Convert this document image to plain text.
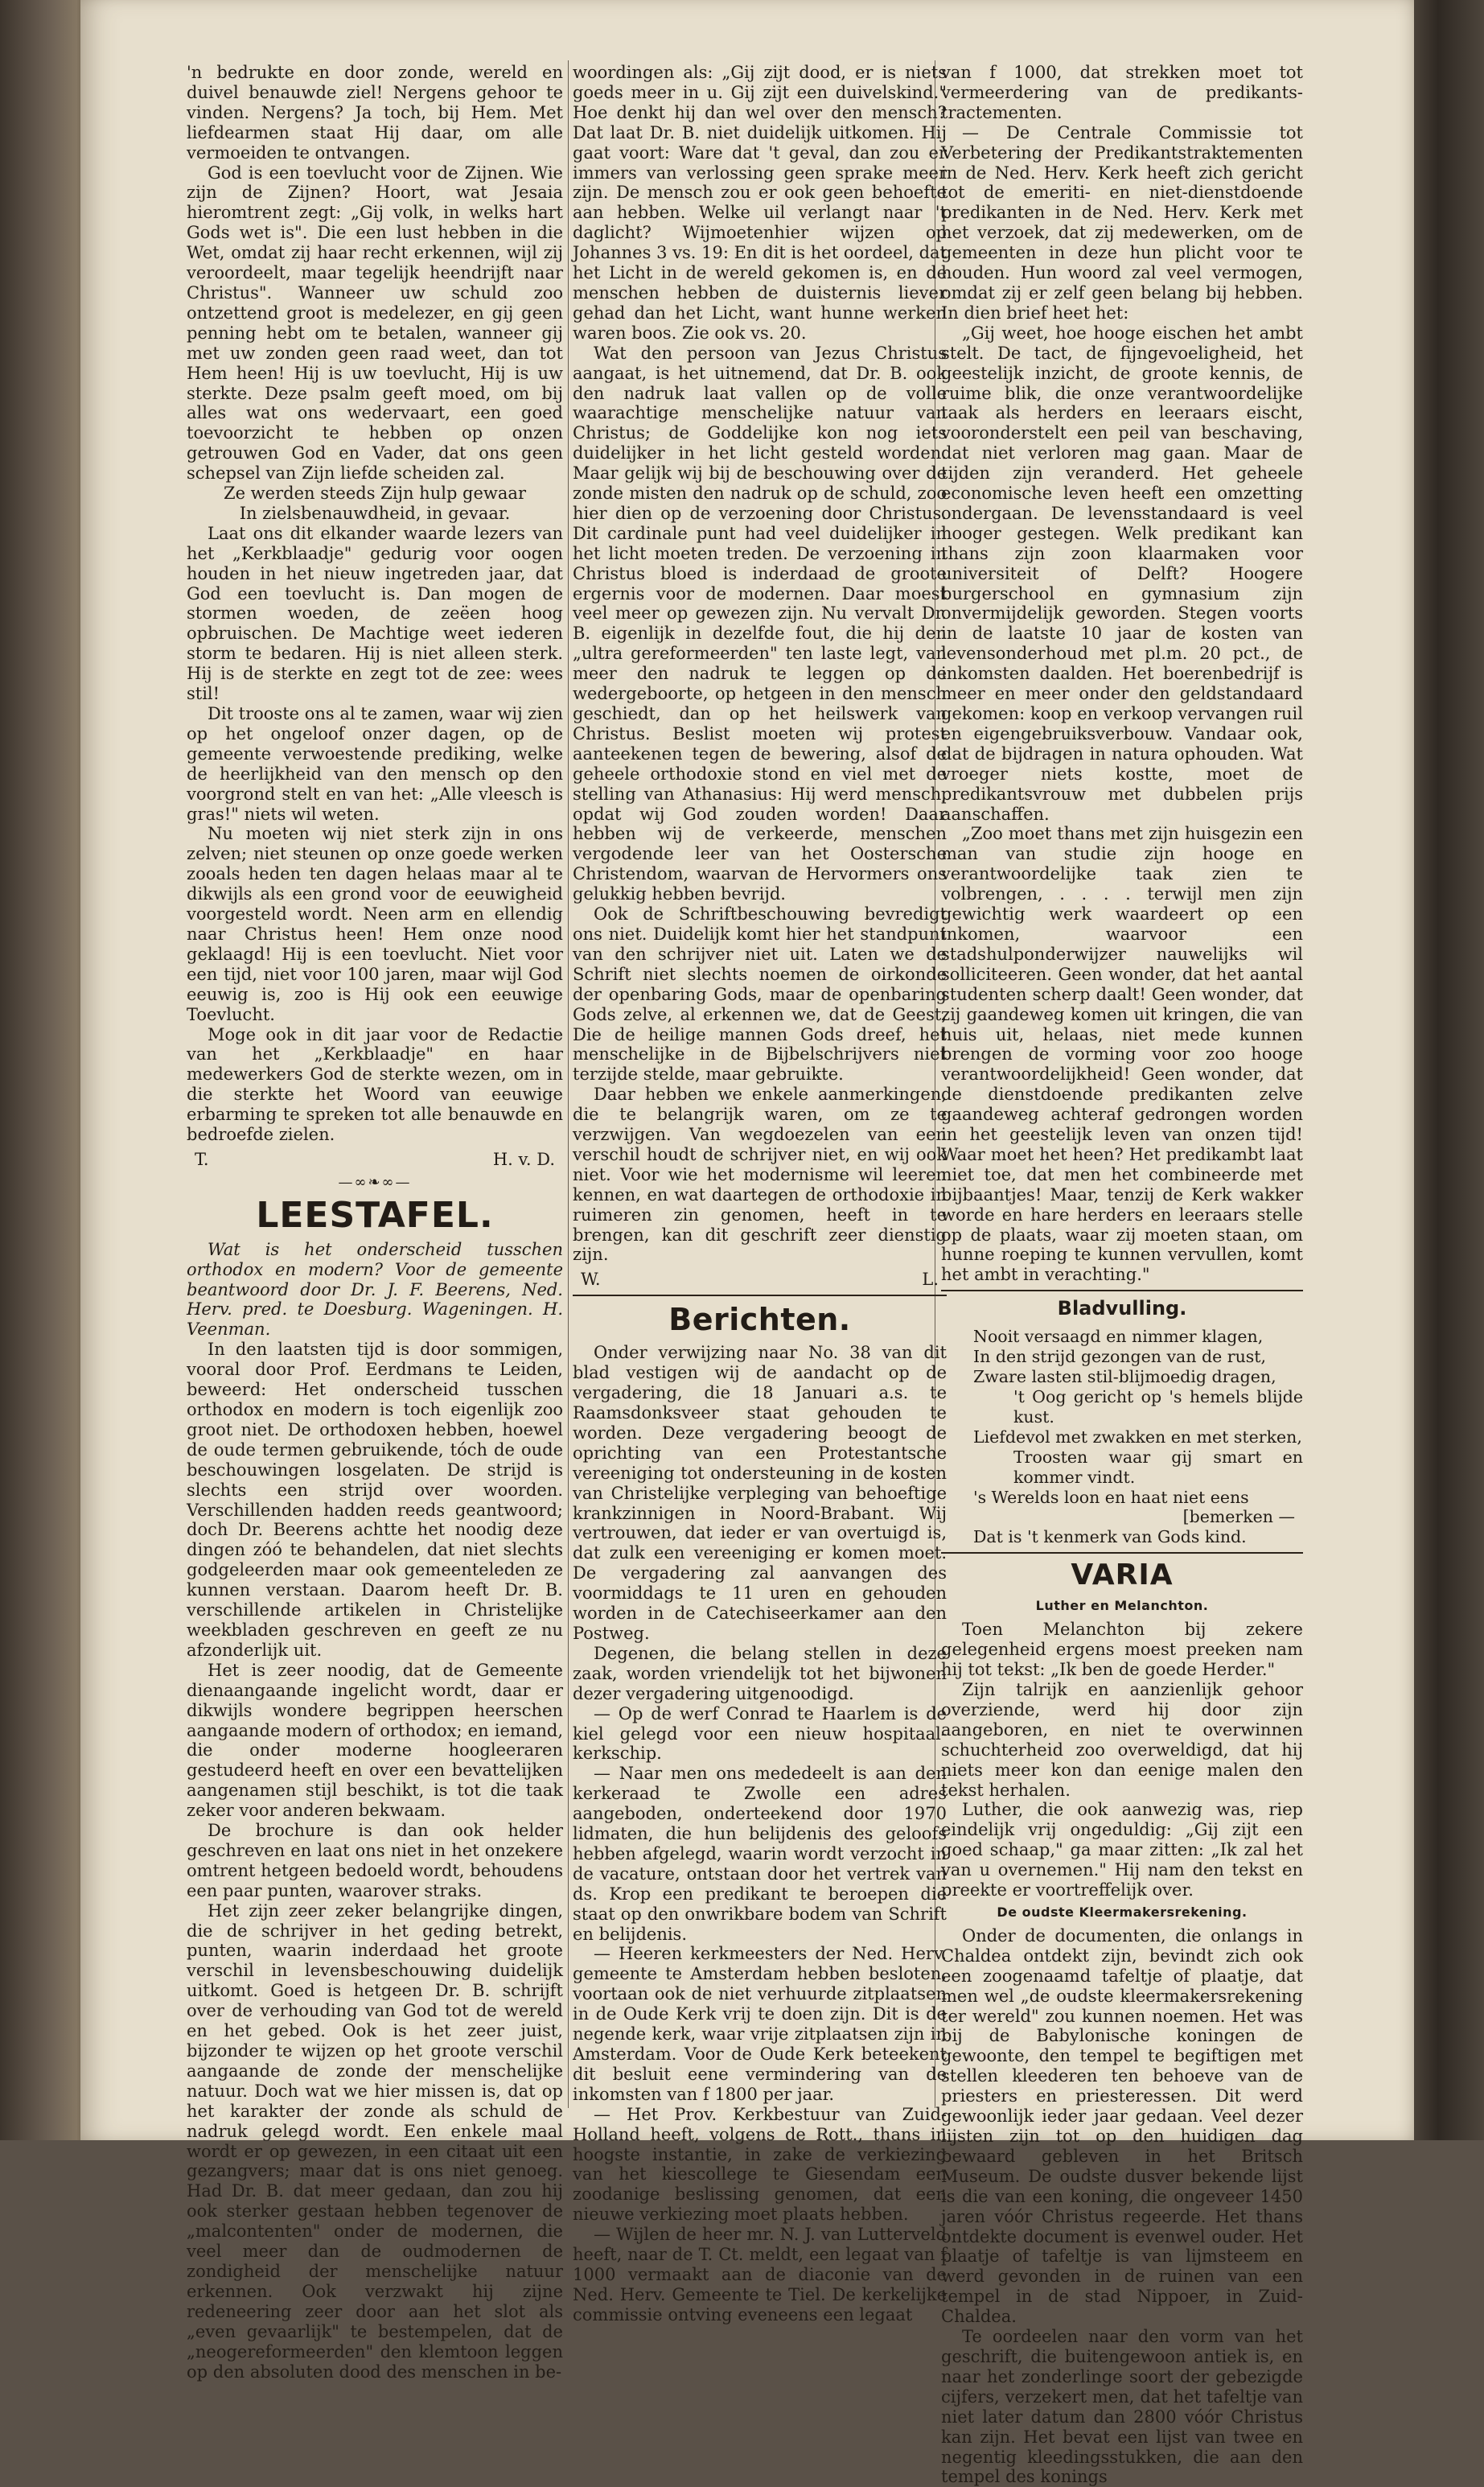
'n bedrukte en door zonde, wereld en duivel benauwde ziel! Nergens gehoor te vinden. Nergens? Ja toch, bij Hem. Met liefdearmen staat Hij daar, om alle vermoeiden te ontvangen.

God is een toevlucht voor de Zijnen. Wie zijn de Zijnen? Hoort, wat Jesaia hieromtrent zegt: „Gij volk, in welks hart Gods wet is". Die een lust hebben in die Wet, omdat zij haar recht erkennen, wijl zij veroordeelt, maar tegelijk heendrijft naar Christus". Wanneer uw schuld zoo ontzettend groot is medelezer, en gij geen penning hebt om te betalen, wanneer gij met uw zonden geen raad weet, dan tot Hem heen! Hij is uw toevlucht, Hij is uw sterkte. Deze psalm geeft moed, om bij alles wat ons wedervaart, een goed toevoorzicht te hebben op onzen getrouwen God en Vader, dat ons geen schepsel van Zijn liefde scheiden zal.

Ze werden steeds Zijn hulp gewaar

In zielsbenauwdheid, in gevaar.

Laat ons dit elkander waarde lezers van het „Kerkblaadje" gedurig voor oogen houden in het nieuw ingetreden jaar, dat God een toevlucht is. Dan mogen de stormen woeden, de zeëen hoog opbruischen. De Machtige weet iederen storm te bedaren. Hij is niet alleen sterk. Hij is de sterkte en zegt tot de zee: wees stil!

Dit trooste ons al te zamen, waar wij zien op het ongeloof onzer dagen, op de gemeente verwoestende prediking, welke de heerlijkheid van den mensch op den voorgrond stelt en van het: „Alle vleesch is gras!" niets wil weten.

Nu moeten wij niet sterk zijn in ons zelven; niet steunen op onze goede werken zooals heden ten dagen helaas maar al te dikwijls als een grond voor de eeuwigheid voorgesteld wordt. Neen arm en ellendig naar Christus heen! Hem onze nood geklaagd! Hij is een toevlucht. Niet voor een tijd, niet voor 100 jaren, maar wijl God eeuwig is, zoo is Hij ook een eeuwige Toevlucht.

Moge ook in dit jaar voor de Redactie van het „Kerkblaadje" en haar medewerkers God de sterkte wezen, om in die sterkte het Woord van eeuwige erbarming te spreken tot alle benauwde en bedroefde zielen.

T.	H. v. D.
—∞❧∞—
LEESTAFEL.

Wat is het onderscheid tusschen orthodox en modern? Voor de gemeente beantwoord door Dr. J. F. Beerens, Ned. Herv. pred. te Doesburg. Wageningen. H. Veenman.

In den laatsten tijd is door sommigen, vooral door Prof. Eerdmans te Leiden, beweerd: Het onderscheid tusschen orthodox en modern is toch eigenlijk zoo groot niet. De orthodoxen hebben, hoewel de oude termen gebruikende, tóch de oude beschouwingen losgelaten. De strijd is slechts een strijd over woorden. Verschillenden hadden reeds geantwoord; doch Dr. Beerens achtte het noodig deze dingen zóó te behandelen, dat niet slechts godgeleerden maar ook gemeenteleden ze kunnen verstaan. Daarom heeft Dr. B. verschillende artikelen in Christelijke weekbladen geschreven en geeft ze nu afzonderlijk uit.

Het is zeer noodig, dat de Gemeente dienaangaande ingelicht wordt, daar er dikwijls wondere begrippen heerschen aangaande modern of orthodox; en iemand, die onder moderne hoogleeraren gestudeerd heeft en over een bevattelijken aangenamen stijl beschikt, is tot die taak zeker voor anderen bekwaam.

De brochure is dan ook helder geschreven en laat ons niet in het onzekere omtrent hetgeen bedoeld wordt, behoudens een paar punten, waarover straks.

Het zijn zeer zeker belangrijke dingen, die de schrijver in het geding betrekt, punten, waarin inderdaad het groote verschil in levensbeschouwing duidelijk uitkomt. Goed is hetgeen Dr. B. schrijft over de verhouding van God tot de wereld en het gebed. Ook is het zeer juist, bijzonder te wijzen op het groote verschil aangaande de zonde der menschelijke natuur. Doch wat we hier missen is, dat op het karakter der zonde als schuld de nadruk gelegd wordt. Een enkele maal wordt er op gewezen, in een citaat uit een gezangvers; maar dat is ons niet genoeg. Had Dr. B. dat meer gedaan, dan zou hij ook sterker gestaan hebben tegenover de „malcontenten" onder de modernen, die veel meer dan de oudmodernen de zondigheid der menschelijke natuur erkennen. Ook verzwakt hij zijne redeneering zeer door aan het slot als „even gevaarlijk" te bestempelen, dat de „neogereformeerden" den klemtoon leggen op den absoluten dood des menschen in be-

woordingen als: „Gij zijt dood, er is niets goeds meer in u. Gij zijt een duivelskind." Hoe denkt hij dan wel over den mensch? Dat laat Dr. B. niet duidelijk uitkomen. Hij gaat voort: Ware dat 't geval, dan zou er immers van verlossing geen sprake meer zijn. De mensch zou er ook geen behoefte aan hebben. Welke uil verlangt naar 't daglicht? Wijmoetenhier wijzen op Johannes 3 vs. 19: En dit is het oordeel, dat het Licht in de wereld gekomen is, en de menschen hebben de duisternis liever gehad dan het Licht, want hunne werken waren boos. Zie ook vs. 20.

Wat den persoon van Jezus Christus aangaat, is het uitnemend, dat Dr. B. ook den nadruk laat vallen op de volle waarachtige menschelijke natuur van Christus; de Goddelijke kon nog iets duidelijker in het licht gesteld worden. Maar gelijk wij bij de beschouwing over de zonde misten den nadruk op de schuld, zoo hier dien op de verzoening door Christus. Dit cardinale punt had veel duidelijker in het licht moeten treden. De verzoening in Christus bloed is inderdaad de groote ergernis voor de modernen. Daar moest veel meer op gewezen zijn. Nu vervalt Dr. B. eigenlijk in dezelfde fout, die hij den „ultra gereformeerden" ten laste legt, van meer den nadruk te leggen op de wedergeboorte, op hetgeen in den mensch geschiedt, dan op het heilswerk van Christus. Beslist moeten wij protest aanteekenen tegen de bewering, alsof de geheele orthodoxie stond en viel met de stelling van Athanasius: Hij werd mensch, opdat wij God zouden worden! Daar hebben wij de verkeerde, menschen vergodende leer van het Oostersche Christendom, waarvan de Hervormers ons gelukkig hebben bevrijd.

Ook de Schriftbeschouwing bevredigt ons niet. Duidelijk komt hier het standpunt van den schrijver niet uit. Laten we de Schrift niet slechts noemen de oirkonde der openbaring Gods, maar de openbaring Gods zelve, al erkennen we, dat de Geest, Die de heilige mannen Gods dreef, het menschelijke in de Bijbelschrijvers niet terzijde stelde, maar gebruikte.

Daar hebben we enkele aanmerkingen, die te belangrijk waren, om ze te verzwijgen. Van wegdoezelen van een verschil houdt de schrijver niet, en wij ook niet. Voor wie het modernisme wil leeren kennen, en wat daartegen de orthodoxie in ruimeren zin genomen, heeft in te brengen, kan dit geschrift zeer dienstig zijn.

W.	L.
Berichten.

Onder verwijzing naar No. 38 van dit blad vestigen wij de aandacht op de vergadering, die 18 Januari a.s. te Raamsdonksveer staat gehouden te worden. Deze vergadering beoogt de oprichting van een Protestantsche vereeniging tot ondersteuning in de kosten van Christelijke verpleging van behoeftige krankzinnigen in Noord-Brabant. Wij vertrouwen, dat ieder er van overtuigd is, dat zulk een vereeniging er komen moet. De vergadering zal aanvangen des voormiddags te 11 uren en gehouden worden in de Catechiseerkamer aan den Postweg.

Degenen, die belang stellen in deze zaak, worden vriendelijk tot het bijwonen dezer vergadering uitgenoodigd.

— Op de werf Conrad te Haarlem is de kiel gelegd voor een nieuw hospitaal-kerkschip.

— Naar men ons mededeelt is aan den kerkeraad te Zwolle een adres aangeboden, onderteekend door 1970 lidmaten, die hun belijdenis des geloofs hebben afgelegd, waarin wordt verzocht in de vacature, ontstaan door het vertrek van ds. Krop een predikant te beroepen die staat op den onwrikbare bodem van Schrift en belijdenis.

— Heeren kerkmeesters der Ned. Herv. gemeente te Amsterdam hebben besloten, voortaan ook de niet verhuurde zitplaatsen in de Oude Kerk vrij te doen zijn. Dit is de negende kerk, waar vrije zitplaatsen zijn in Amsterdam. Voor de Oude Kerk beteekent dit besluit eene vermindering van de inkomsten van f 1800 per jaar.

— Het Prov. Kerkbestuur van Zuid-Holland heeft, volgens de Rott., thans in hoogste instantie, in zake de verkiezing van het kiescollege te Giesendam een zoodanige beslissing genomen, dat een nieuwe verkiezing moet plaats hebben.

— Wijlen de heer mr. N. J. van Lutterveld heeft, naar de T. Ct. meldt, een legaat van f 1000 vermaakt aan de diaconie van de Ned. Herv. Gemeente te Tiel. De kerkelijke commissie ontving eveneens een legaat

van f 1000, dat strekken moet tot vermeerdering van de predikants-tractementen.

— De Centrale Commissie tot Verbetering der Predikantstraktementen in de Ned. Herv. Kerk heeft zich gericht tot de emeriti- en niet-dienstdoende predikanten in de Ned. Herv. Kerk met het verzoek, dat zij medewerken, om de gemeenten in deze hun plicht voor te houden. Hun woord zal veel vermogen, omdat zij er zelf geen belang bij hebben. In dien brief heet het:

„Gij weet, hoe hooge eischen het ambt stelt. De tact, de fijngevoeligheid, het geestelijk inzicht, de groote kennis, de ruime blik, die onze verantwoordelijke taak als herders en leeraars eischt, vooronderstelt een peil van beschaving, dat niet verloren mag gaan. Maar de tijden zijn veranderd. Het geheele economische leven heeft een omzetting ondergaan. De levensstandaard is veel hooger gestegen. Welk predikant kan thans zijn zoon klaarmaken voor universiteit of Delft? Hoogere burgerschool en gymnasium zijn onvermijdelijk geworden. Stegen voorts in de laatste 10 jaar de kosten van levensonderhoud met pl.m. 20 pct., de inkomsten daalden. Het boerenbedrijf is meer en meer onder den geldstandaard gekomen: koop en verkoop vervangen ruil en eigengebruiksverbouw. Vandaar ook, dat de bijdragen in natura ophouden. Wat vroeger niets kostte, moet de predikantsvrouw met dubbelen prijs aanschaffen.

„Zoo moet thans met zijn huisgezin een man van studie zijn hooge en verantwoordelijke taak zien te volbrengen, . . . . terwijl men zijn gewichtig werk waardeert op een inkomen, waarvoor een stadshulponderwijzer nauwelijks wil solliciteeren. Geen wonder, dat het aantal studenten scherp daalt! Geen wonder, dat zij gaandeweg komen uit kringen, die van huis uit, helaas, niet mede kunnen brengen de vorming voor zoo hooge verantwoordelijkheid! Geen wonder, dat de dienstdoende predikanten zelve gaandeweg achteraf gedrongen worden in het geestelijk leven van onzen tijd! Waar moet het heen? Het predikambt laat niet toe, dat men het combineerde met bijbaantjes! Maar, tenzij de Kerk wakker worde en hare herders en leeraars stelle op de plaats, waar zij moeten staan, om hunne roeping te kunnen vervullen, komt het ambt in verachting."

Bladvulling.

Nooit versaagd en nimmer klagen,

In den strijd gezongen van de rust,

Zware lasten stil-blijmoedig dragen,

't Oog gericht op 's hemels blijde kust.

Liefdevol met zwakken en met sterken,

Troosten waar gij smart en kommer vindt.

's Werelds loon en haat niet eens

[bemerken —

Dat is 't kenmerk van Gods kind.

VARIA
Luther en Melanchton.

Toen Melanchton bij zekere gelegenheid ergens moest preeken nam hij tot tekst: „Ik ben de goede Herder."

Zijn talrijk en aanzienlijk gehoor overziende, werd hij door zijn aangeboren, en niet te overwinnen schuchterheid zoo overweldigd, dat hij niets meer kon dan eenige malen den tekst herhalen.

Luther, die ook aanwezig was, riep eindelijk vrij ongeduldig: „Gij zijt een goed schaap," ga maar zitten: „Ik zal het van u overnemen." Hij nam den tekst en preekte er voortreffelijk over.

De oudste Kleermakersrekening.

Onder de documenten, die onlangs in Chaldea ontdekt zijn, bevindt zich ook een zoogenaamd tafeltje of plaatje, dat men wel „de oudste kleermakersrekening ter wereld" zou kunnen noemen. Het was bij de Babylonische koningen de gewoonte, den tempel te begiftigen met stellen kleederen ten behoeve van de priesters en priesteressen. Dit werd gewoonlijk ieder jaar gedaan. Veel dezer lijsten zijn tot op den huidigen dag bewaard gebleven in het Britsch Museum. De oudste dusver bekende lijst is die van een koning, die ongeveer 1450 jaren vóór Christus regeerde. Het thans ontdekte document is evenwel ouder. Het plaatje of tafeltje is van lijmsteem en werd gevonden in de ruinen van een tempel in de stad Nippoer, in Zuid-Chaldea.

Te oordeelen naar den vorm van het geschrift, die buitengewoon antiek is, en naar het zonderlinge soort der gebezigde cijfers, verzekert men, dat het tafeltje van niet later datum dan 2800 vóór Christus kan zijn. Het bevat een lijst van twee en negentig kleedingsstukken, die aan den tempel des konings
